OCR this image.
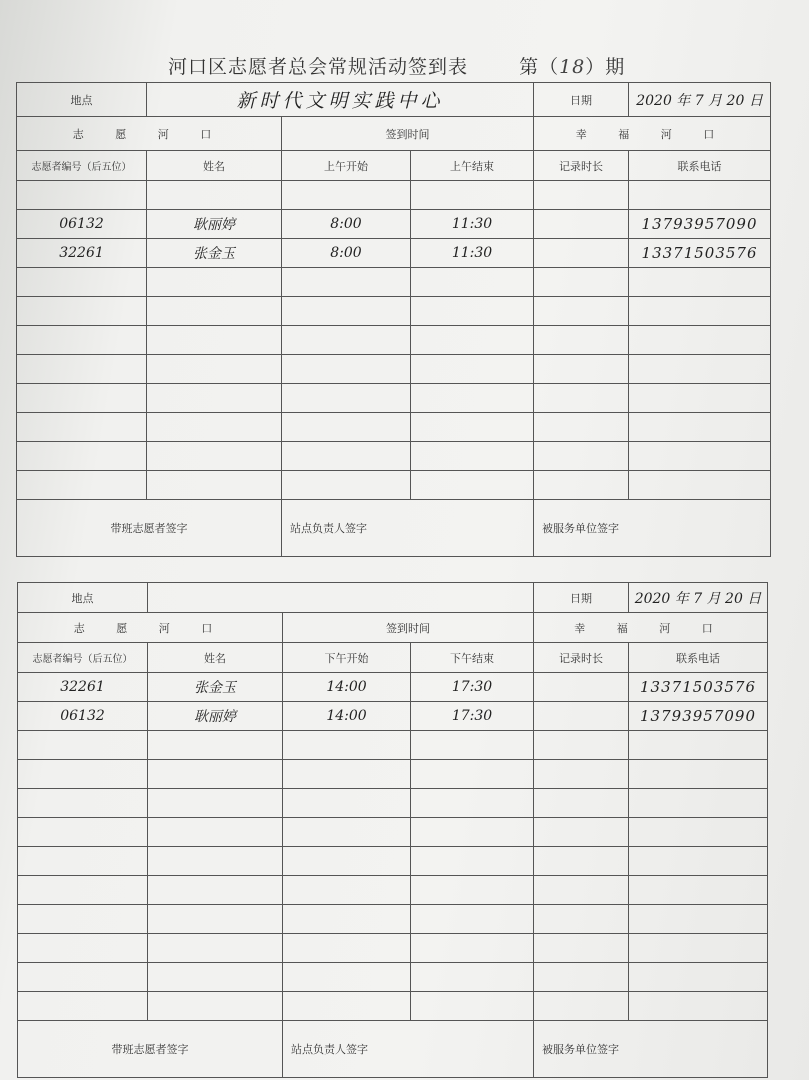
河口区志愿者总会常规活动签到表	第（18）期
地点	新时代文明实践中心			日期	2020 年 7 月 20 日
志 愿 河 口		签到时间		幸 福 河 口	
志愿者编号（后五位）	姓名	上午开始	上午结束	记录时长	联系电话

06132	耿丽婷	8:00	11:30		13793957090
32261	张金玉	8:00	11:30		13371503576

带班志愿者签字		站点负责人签字		被服务单位签字	
地点				日期	2020 年 7 月 20 日
志 愿 河 口		签到时间		幸 福 河 口	
志愿者编号（后五位）	姓名	下午开始	下午结束	记录时长	联系电话
32261	张金玉	14:00	17:30		13371503576
06132	耿丽婷	14:00	17:30		13793957090

带班志愿者签字		站点负责人签字		被服务单位签字	
